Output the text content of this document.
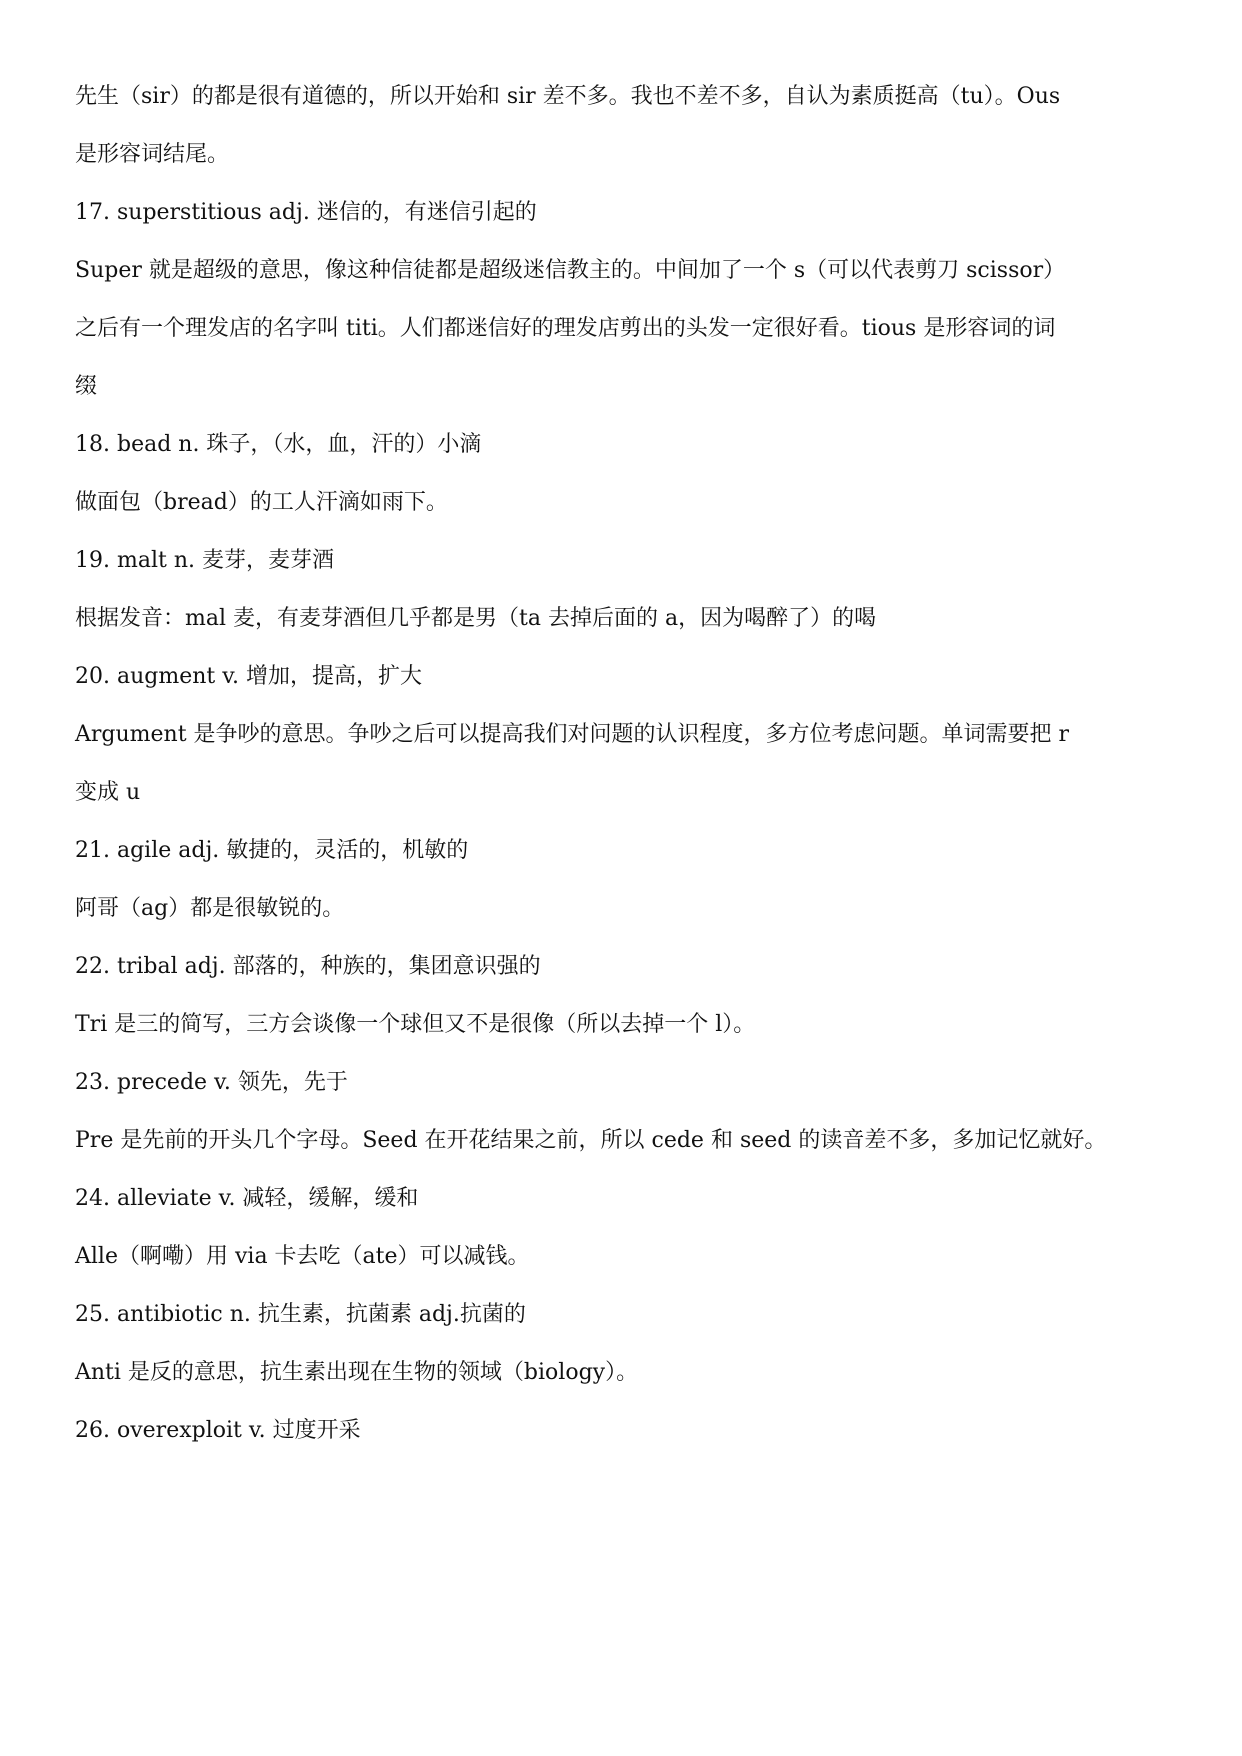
先生（sir）的都是很有道德的，所以开始和 sir 差不多。我也不差不多，自认为素质挺高（tu）。Ous
是形容词结尾。
17. superstitious adj. 迷信的，有迷信引起的
Super 就是超级的意思，像这种信徒都是超级迷信教主的。中间加了一个 s（可以代表剪刀 scissor）
之后有一个理发店的名字叫 titi。人们都迷信好的理发店剪出的头发一定很好看。tious 是形容词的词
缀
18. bead n. 珠子，（水，血，汗的）小滴
做面包（bread）的工人汗滴如雨下。
19. malt n. 麦芽，麦芽酒
根据发音：mal 麦，有麦芽酒但几乎都是男（ta 去掉后面的 a，因为喝醉了）的喝
20. augment v. 增加，提高，扩大
Argument 是争吵的意思。争吵之后可以提高我们对问题的认识程度，多方位考虑问题。单词需要把 r
变成 u
21. agile adj. 敏捷的，灵活的，机敏的
阿哥（ag）都是很敏锐的。
22. tribal adj. 部落的，种族的，集团意识强的
Tri 是三的简写，三方会谈像一个球但又不是很像（所以去掉一个 l）。
23. precede v. 领先，先于
Pre 是先前的开头几个字母。Seed 在开花结果之前，所以 cede 和 seed 的读音差不多，多加记忆就好。
24. alleviate v. 减轻，缓解，缓和
Alle（啊嘞）用 via 卡去吃（ate）可以减钱。
25. antibiotic n. 抗生素，抗菌素 adj.抗菌的
Anti 是反的意思，抗生素出现在生物的领域（biology）。
26. overexploit v. 过度开采
